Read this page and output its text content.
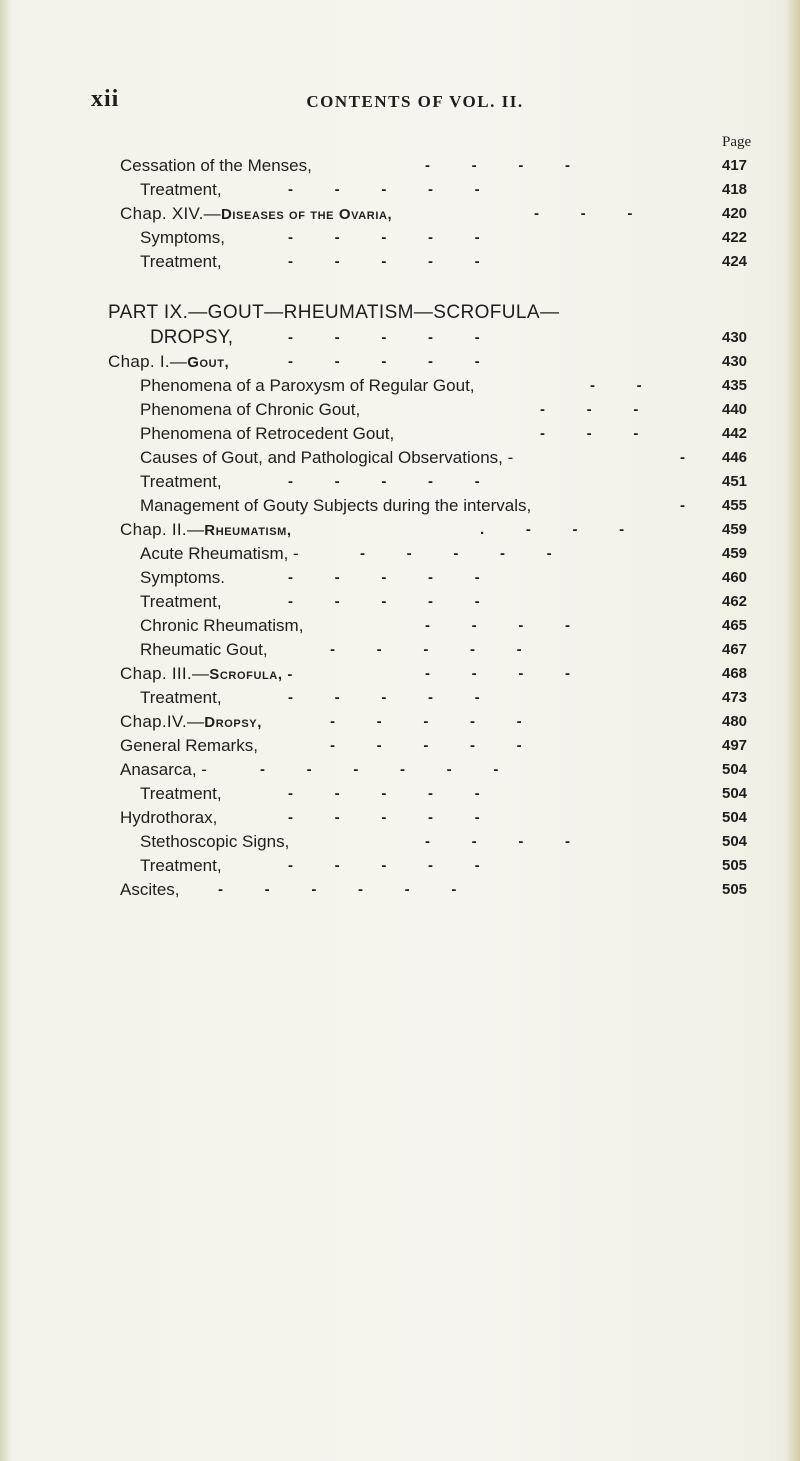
xii	CONTENTS OF VOL. II.
Page
Cessation of the Menses,	-          -          -          -	417
Treatment,	-          -          -          -          -	418
Chap. XIV.—Diseases of the Ovaria,	-          -          -	420
Symptoms,	-          -          -          -          -	422
Treatment,	-          -          -          -          -	424
PART IX.—GOUT—RHEUMATISM—SCROFULA—
DROPSY,	-          -          -          -          -	430
Chap. I.—Gout,	-          -          -          -          -	430
Phenomena of a Paroxysm of Regular Gout,	-          -	435
Phenomena of Chronic Gout,	-          -          -	440
Phenomena of Retrocedent Gout,	-          -          -	442
Causes of Gout, and Pathological Observations, -	- 446
Treatment,	-          -          -          -          -	451
Management of Gouty Subjects during the intervals,	- 455
Chap. II.—Rheumatism,	.          -          -          -	459
Acute Rheumatism, -	-          -          -          -          -	459
Symptoms.	-          -          -          -          -	460
Treatment,	-          -          -          -          -	462
Chronic Rheumatism,	-          -          -          -	465
Rheumatic Gout,	-          -          -          -          -	467
Chap. III.—Scrofula, -	-          -          -          -	468
Treatment,	-          -          -          -          -	473
Chap.IV.—Dropsy,	-          -          -          -          -	480
General Remarks,	-          -          -          -          -	497
Anasarca, -	-          -          -          -          -          -	504
Treatment,	-          -          -          -          -	504
Hydrothorax,	-          -          -          -          -	504
Stethoscopic Signs,	-          -          -          -	504
Treatment,	-          -          -          -          -	505
Ascites,	-          -          -          -          -          -	505
